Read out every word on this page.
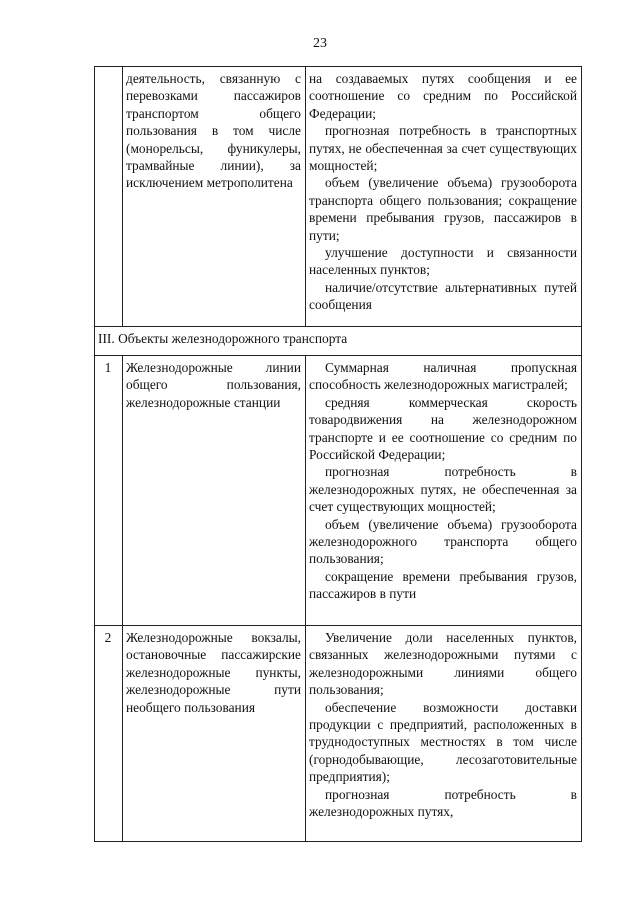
23
	деятельность, связанную с перевозками пассажиров транспортом общего пользования в том числе (монорельсы, фуникулеры, трамвайные линии), за исключением метрополитена	на создаваемых путях сообщения и ее соотношение со средним по Российской Федерации;

прогнозная потребность в транспортных путях, не обеспеченная за счет существующих мощностей;

объем (увеличение объема) грузооборота транспорта общего пользования; сокращение времени пребывания грузов, пассажиров в пути;

улучшение доступности и связанности населенных пунктов;

наличие/отсутствие альтернативных путей сообщения

III. Объекты железнодорожного транспорта		
1	Железнодорожные линии общего пользования, железнодорожные станции	Суммарная наличная пропускная способность железнодорожных магистралей;

средняя коммерческая скорость товародвижения на железнодорожном транспорте и ее соотношение со средним по Российской Федерации;

прогнозная потребность в железнодорожных путях, не обеспеченная за счет существующих мощностей;

объем (увеличение объема) грузооборота железнодорожного транспорта общего пользования;

сокращение времени пребывания грузов, пассажиров в пути

2	Железнодорожные вокзалы, остановочные пассажирские железнодорожные пункты, железнодорожные пути необщего пользования	Увеличение доли населенных пунктов, связанных железнодорожными путями с железнодорожными линиями общего пользования;

обеспечение возможности доставки продукции с предприятий, расположенных в труднодоступных местностях в том числе (горнодобывающие, лесозаготовительные предприятия);

прогнозная потребность в железнодорожных путях,
